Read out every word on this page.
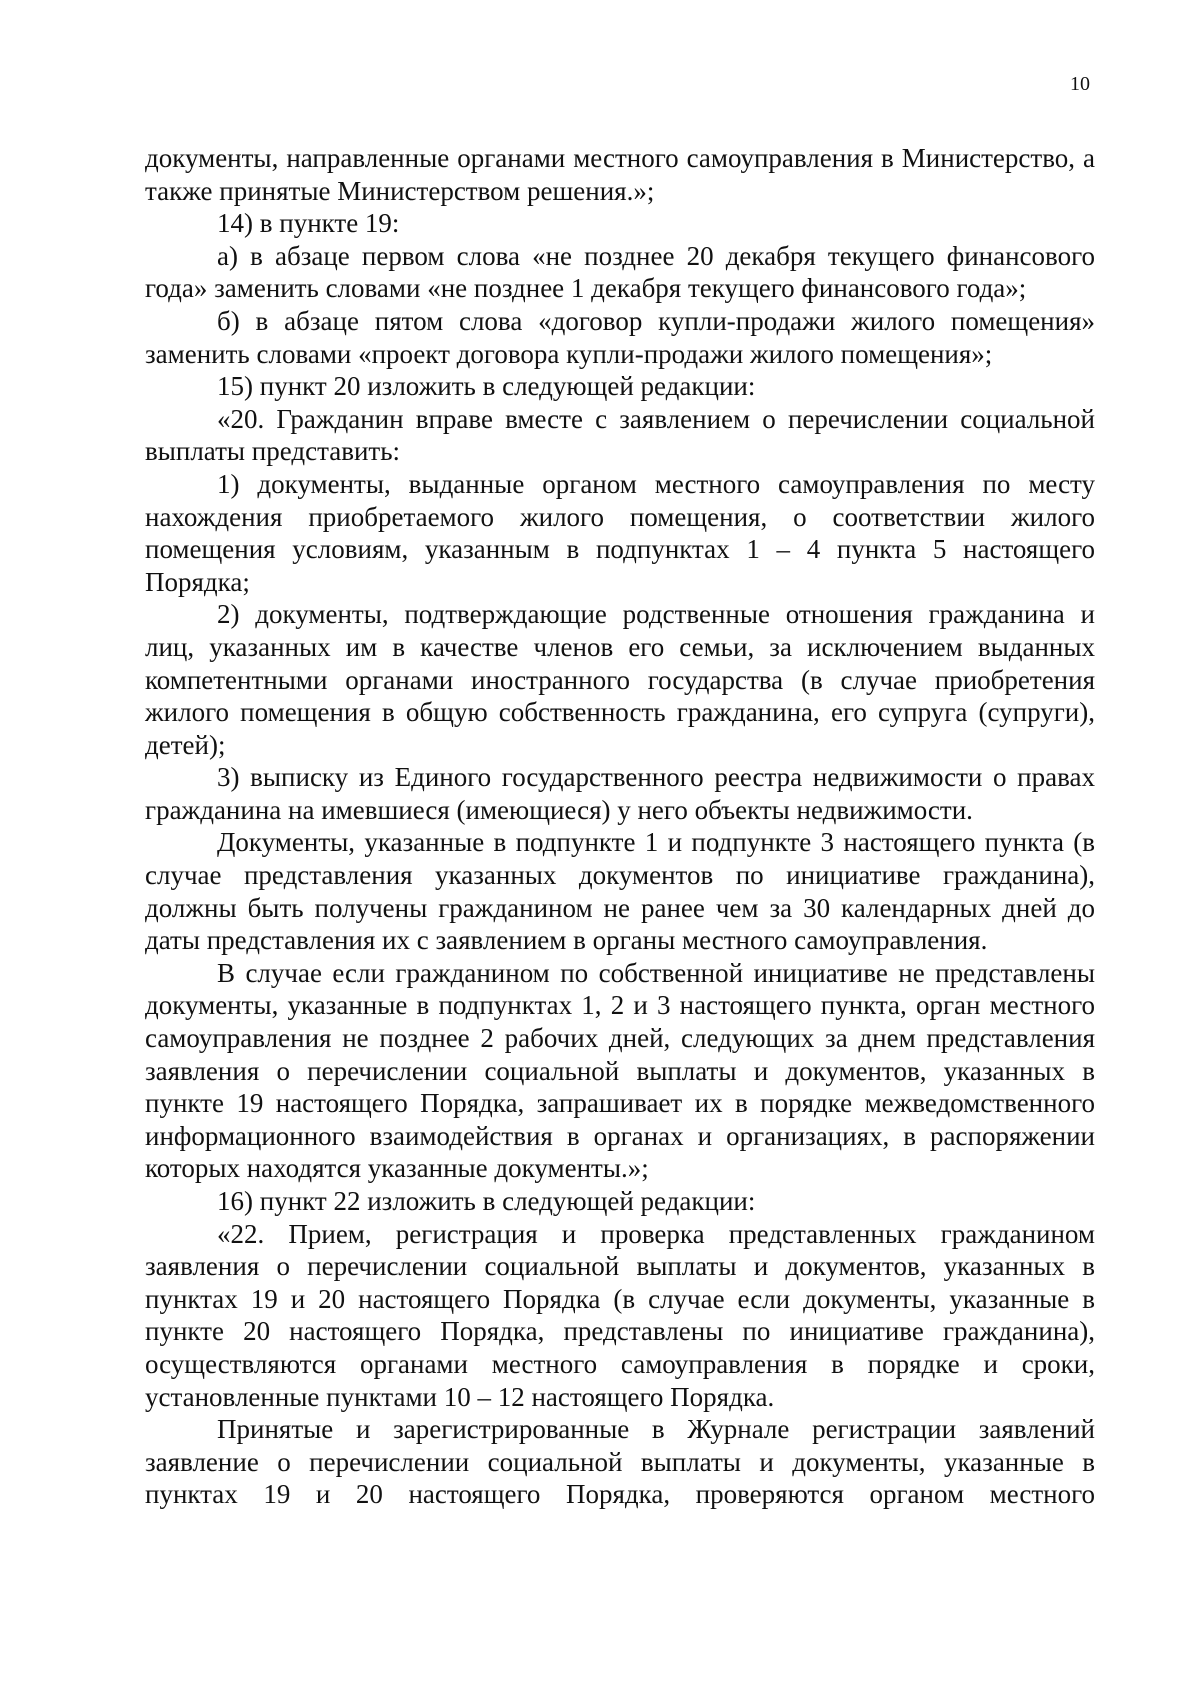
10

документы, направленные органами местного самоуправления в Министерство, а также принятые Министерством решения.»;

14) в пункте 19:

а) в абзаце первом слова «не позднее 20 декабря текущего финансового года» заменить словами «не позднее 1 декабря текущего финансового года»;

б) в абзаце пятом слова «договор купли-продажи жилого помещения» заменить словами «проект договора купли-продажи жилого помещения»;

15) пункт 20 изложить в следующей редакции:

«20. Гражданин вправе вместе с заявлением о перечислении социальной выплаты представить:

1) документы, выданные органом местного самоуправления по месту нахождения приобретаемого жилого помещения, о соответствии жилого помещения условиям, указанным в подпунктах 1 – 4 пункта 5 настоящего Порядка;

2) документы, подтверждающие родственные отношения гражданина и лиц, указанных им в качестве членов его семьи, за исключением выданных компетентными органами иностранного государства (в случае приобретения жилого помещения в общую собственность гражданина, его супруга (супруги), детей);

3) выписку из Единого государственного реестра недвижимости о правах гражданина на имевшиеся (имеющиеся) у него объекты недвижимости.

Документы, указанные в подпункте 1 и подпункте 3 настоящего пункта (в случае представления указанных документов по инициативе гражданина), должны быть получены гражданином не ранее чем за 30 календарных дней до даты представления их с заявлением в органы местного самоуправления.

В случае если гражданином по собственной инициативе не представлены документы, указанные в подпунктах 1, 2 и 3 настоящего пункта, орган местного самоуправления не позднее 2 рабочих дней, следующих за днем представления заявления о перечислении социальной выплаты и документов, указанных в пункте 19 настоящего Порядка, запрашивает их в порядке межведомственного информационного взаимодействия в органах и организациях, в распоряжении которых находятся указанные документы.»;

16) пункт 22 изложить в следующей редакции:

«22. Прием, регистрация и проверка представленных гражданином заявления о перечислении социальной выплаты и документов, указанных в пунктах 19 и 20 настоящего Порядка (в случае если документы, указанные в пункте 20 настоящего Порядка, представлены по инициативе гражданина), осуществляются органами местного самоуправления в порядке и сроки, установленные пунктами 10 – 12 настоящего Порядка.

Принятые и зарегистрированные в Журнале регистрации заявлений заявление о перечислении социальной выплаты и документы, указанные в пунктах 19 и 20 настоящего Порядка, проверяются органом местного
